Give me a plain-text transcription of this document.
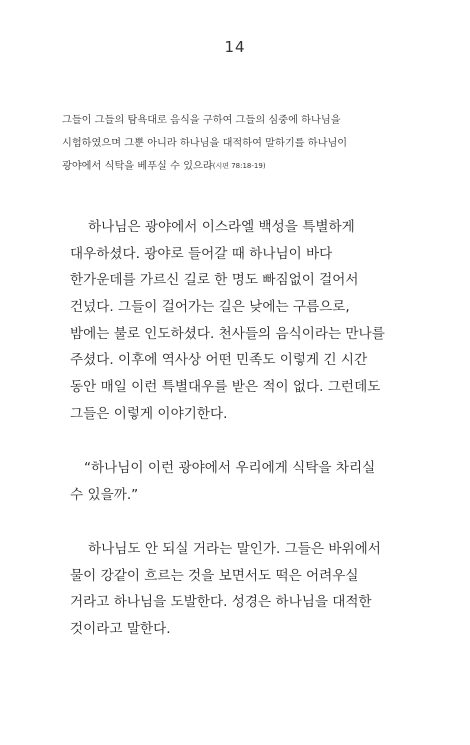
14
그들이 그들의 탐욕대로 음식을 구하여 그들의 심중에 하나님을
시험하였으며 그뿐 아니라 하나님을 대적하여 말하기를 하나님이
광야에서 식탁을 베푸실 수 있으랴(시편 78:18-19)
하나님은 광야에서 이스라엘 백성을 특별하게
대우하셨다. 광야로 들어갈 때 하나님이 바다
한가운데를 가르신 길로 한 명도 빠짐없이 걸어서
건넜다. 그들이 걸어가는 길은 낮에는 구름으로,
밤에는 불로 인도하셨다. 천사들의 음식이라는 만나를
주셨다. 이후에 역사상 어떤 민족도 이렇게 긴 시간
동안 매일 이런 특별대우를 받은 적이 없다. 그런데도
그들은 이렇게 이야기한다.
“하나님이 이런 광야에서 우리에게 식탁을 차리실
수 있을까.”
하나님도 안 되실 거라는 말인가. 그들은 바위에서
물이 강같이 흐르는 것을 보면서도 떡은 어려우실
거라고 하나님을 도발한다. 성경은 하나님을 대적한
것이라고 말한다.
